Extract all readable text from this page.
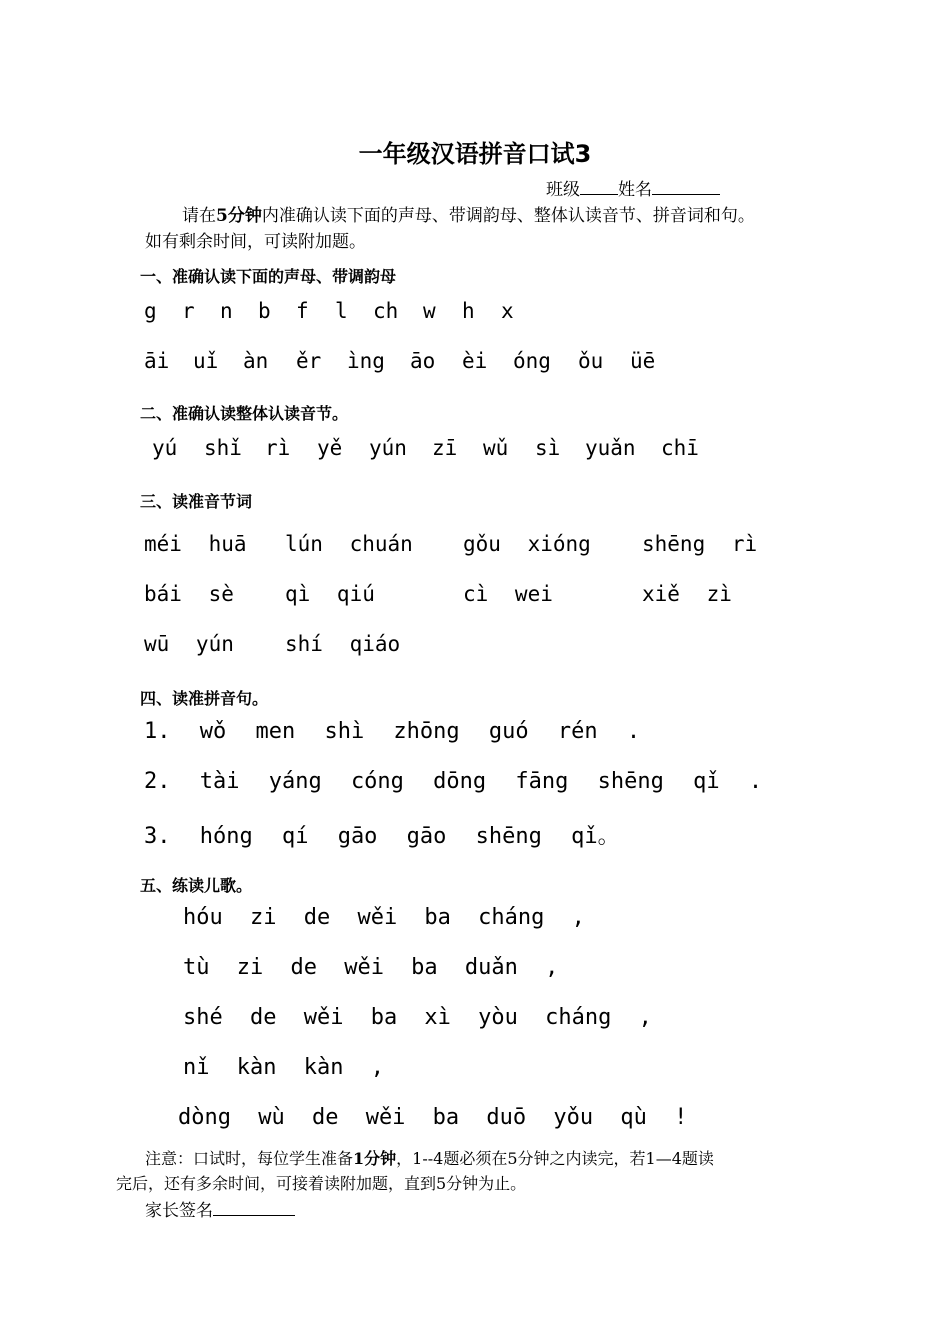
一年级汉语拼音口试3
班级 姓名
请在5分钟内准确认读下面的声母、带调韵母、整体认读音节、拼音词和句。
如有剩余时间，可读附加题。
一、准确认读下面的声母、带调韵母
g r n b f l ch w h x
āi uǐ àn ěr ìng āo èi óng ǒu üē
二、准确认读整体认读音节。
yú shǐ rì yě yún zī wǔ sì yuǎn chī
三、读准音节词
méi huā lún chuán gǒu xióng shēng rì
bái sè qì qiú	cì wei	xiě zì
wū yún shí qiáo
四、读准拼音句。
1. wǒ men shì zhōng guó rén .
2. tài yáng cóng dōng fāng shēng qǐ .
3. hóng qí gāo gāo shēng qǐ。
五、练读儿歌。
hóu zi de wěi ba cháng ,
tù zi de wěi ba duǎn ,
shé de wěi ba xì yòu cháng ,
nǐ kàn kàn ,
dòng wù de wěi ba duō yǒu qù !
注意：口试时，每位学生准备1分钟，1--4题必须在5分钟之内读完，若1—4题读
完后，还有多余时间，可接着读附加题，直到5分钟为止。
家长签名
